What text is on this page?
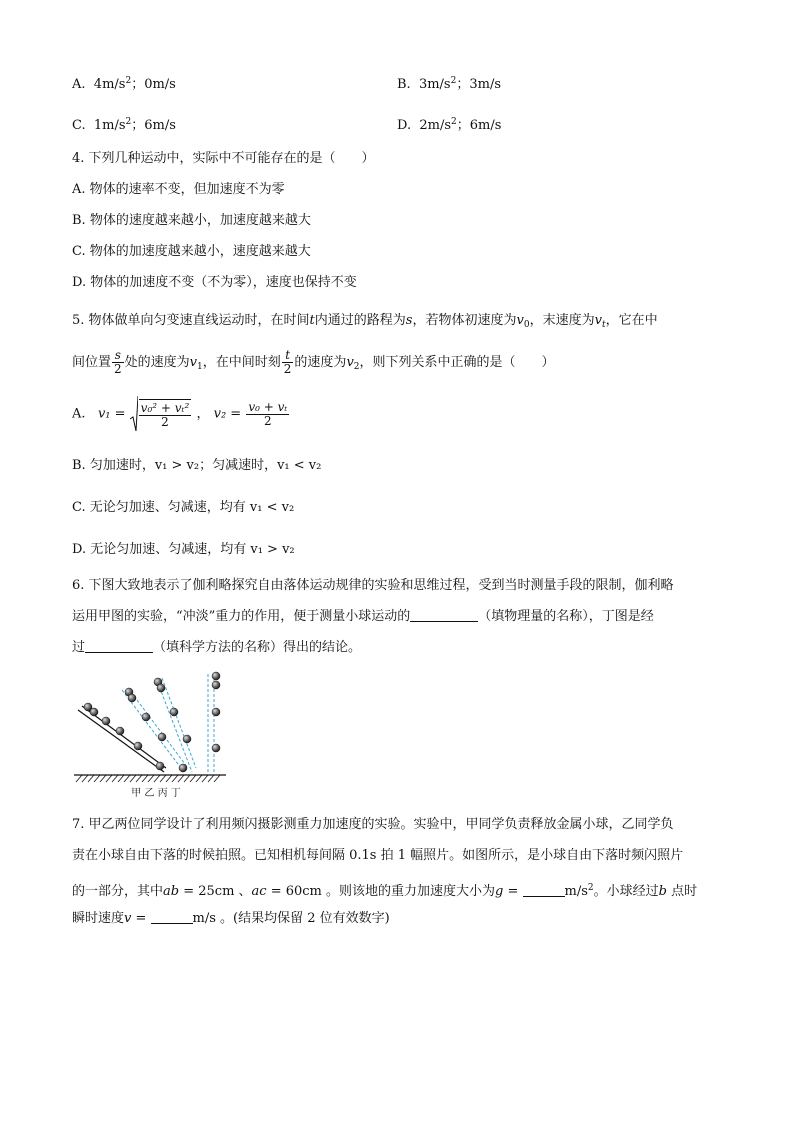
A. $4m/s^2$；0m/s	B. $3m/s^2$；3m/s
C. $1m/s^2$；6m/s	D. $2m/s^2$；6m/s
4. 下列几种运动中，实际中不可能存在的是（　　）
A. 物体的速率不变，但加速度不为零
B. 物体的速度越来越小，加速度越来越大
C. 物体的加速度越来越小，速度越来越大
D. 物体的加速度不变（不为零），速度也保持不变
5. 物体做单向匀变速直线运动时，在时间t内通过的路程为s，若物体初速度为$v_0$，末速度为$v_t$，它在中
间位置 $\frac{s}{2}$ 处的速度为$v_1$，在中间时刻 $\frac{t}{2}$ 的速度为$v_2$，则下列关系中正确的是（　　）
A. $v_1 = \frac{\text{v₀² + vₜ²}}{2}$ ， $v_2 = \frac{\text{v₀ + vₜ}}{2}$
B. 匀加速时，v₁ > v₂；匀减速时，v₁ < v₂
C. 无论匀加速、匀减速，均有 v₁ < v₂
D. 无论匀加速、匀减速，均有 v₁ > v₂
6. 下图大致地表示了伽利略探究自由落体运动规律的实验和思维过程，受到当时测量手段的限制，伽利略
运用甲图的实验，“冲淡”重力的作用，便于测量小球运动的	（填物理量的名称），丁图是经
过	（填科学方法的名称）得出的结论。
甲 乙 丙 丁
7. 甲乙两位同学设计了利用频闪摄影测重力加速度的实验。实验中，甲同学负责释放金属小球，乙同学负
责在小球自由下落的时候拍照。已知相机每间隔 0.1s 拍 1 幅照片。如图所示，是小球自由下落时频闪照片
的一部分，其中ab = 25cm 、ac = 60cm 。则该地的重力加速度大小为g =	$m/s^2$。小球经过b 点时
瞬时速度v =	m/s 。(结果均保留 2 位有效数字)
